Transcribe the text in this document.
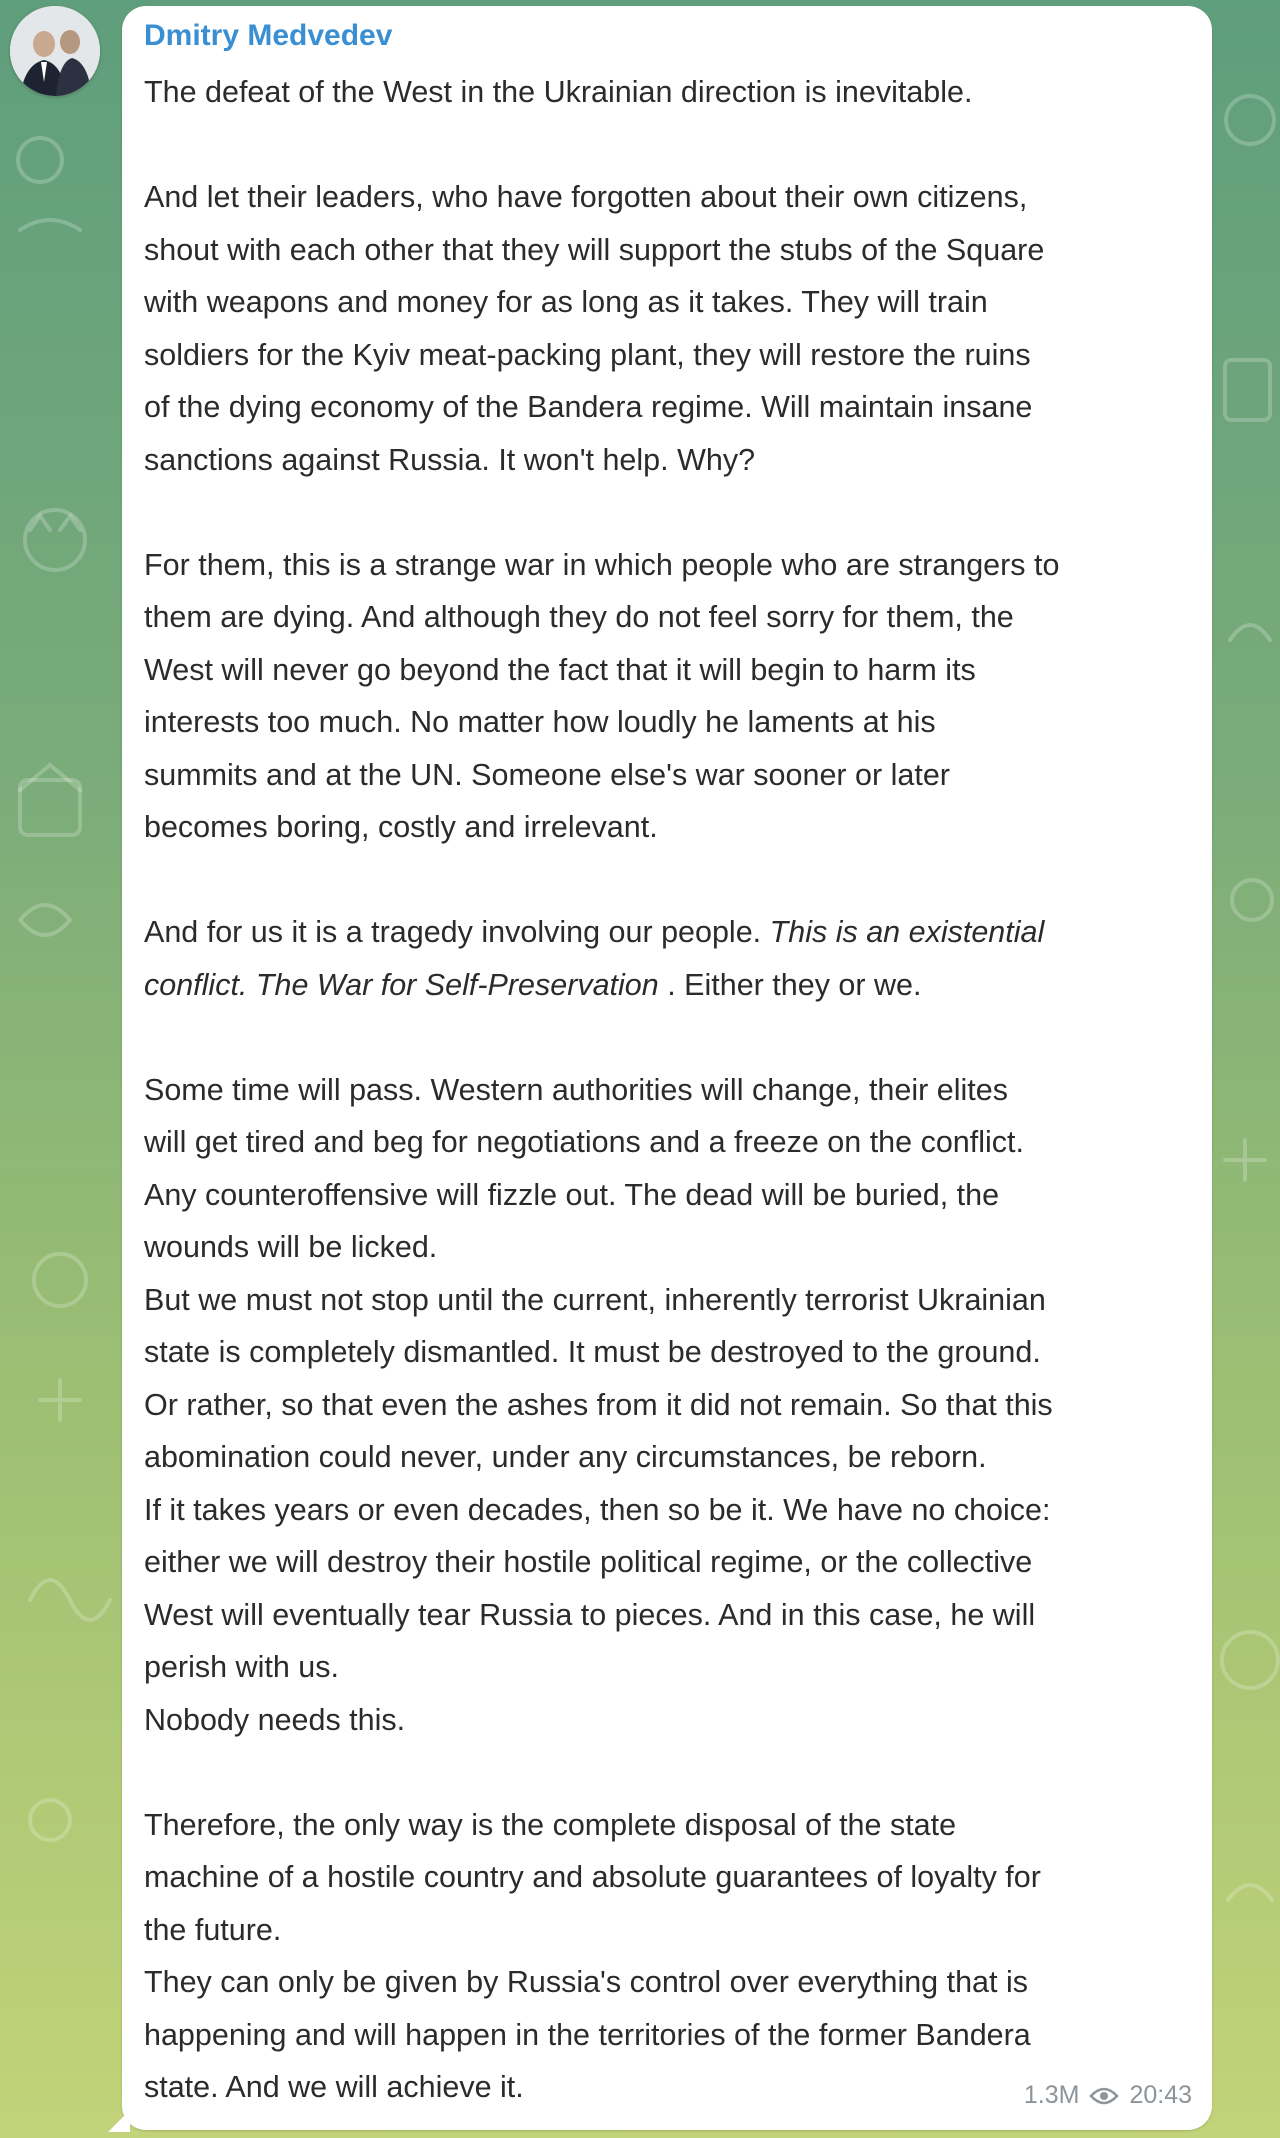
Dmitry Medvedev

The defeat of the West in the Ukrainian direction is inevitable.

And let their leaders, who have forgotten about their own citizens,
shout with each other that they will support the stubs of the Square
with weapons and money for as long as it takes. They will train
soldiers for the Kyiv meat-packing plant, they will restore the ruins
of the dying economy of the Bandera regime. Will maintain insane
sanctions against Russia. It won't help. Why?

For them, this is a strange war in which people who are strangers to
them are dying. And although they do not feel sorry for them, the
West will never go beyond the fact that it will begin to harm its
interests too much. No matter how loudly he laments at his
summits and at the UN. Someone else's war sooner or later
becomes boring, costly and irrelevant.

And for us it is a tragedy involving our people. This is an existential
conflict. The War for Self-Preservation . Either they or we.

Some time will pass. Western authorities will change, their elites
will get tired and beg for negotiations and a freeze on the conflict.
Any counteroffensive will fizzle out. The dead will be buried, the
wounds will be licked.
But we must not stop until the current, inherently terrorist Ukrainian
state is completely dismantled. It must be destroyed to the ground.
Or rather, so that even the ashes from it did not remain. So that this
abomination could never, under any circumstances, be reborn.
If it takes years or even decades, then so be it. We have no choice:
either we will destroy their hostile political regime, or the collective
West will eventually tear Russia to pieces. And in this case, he will
perish with us.
Nobody needs this.

Therefore, the only way is the complete disposal of the state
machine of a hostile country and absolute guarantees of loyalty for
the future.
They can only be given by Russia's control over everything that is
happening and will happen in the territories of the former Bandera
state. And we will achieve it.	1.3M 20:43
